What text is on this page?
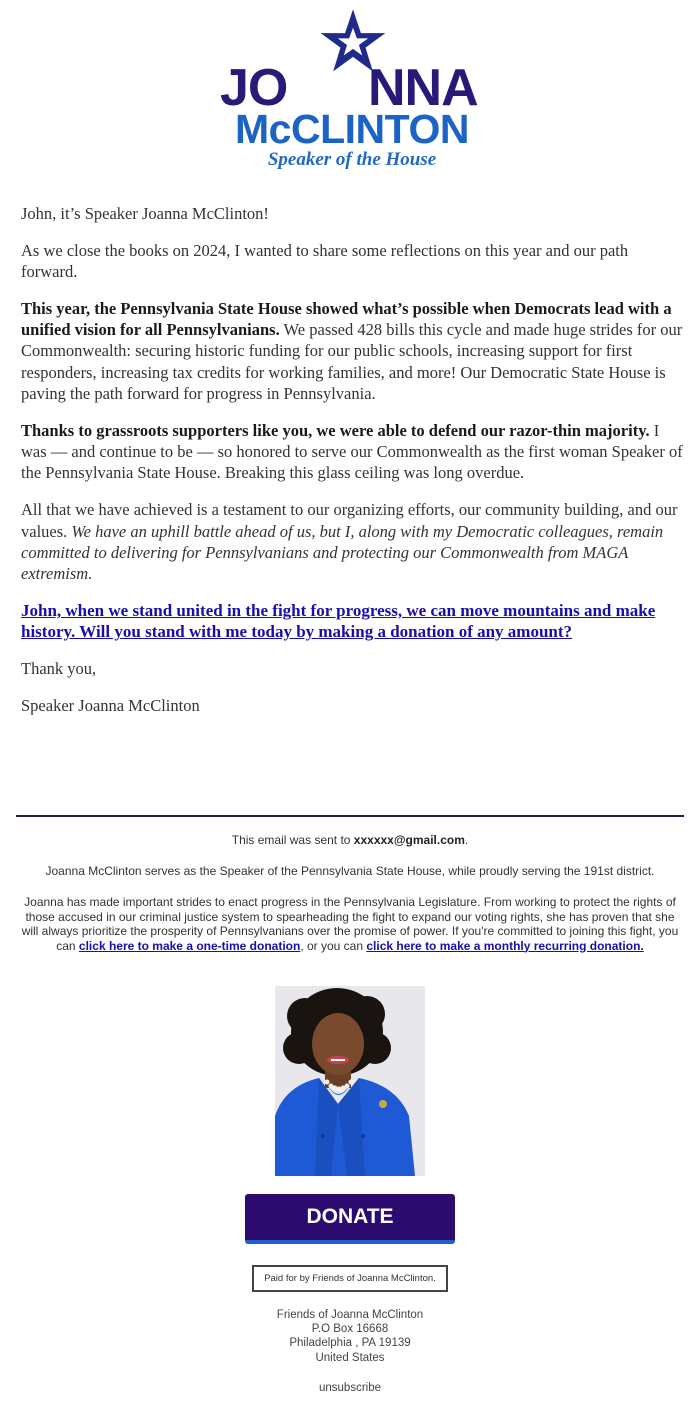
JO NNA
McCLINTON
Speaker of the House

John, it’s Speaker Joanna McClinton!

As we close the books on 2024, I wanted to share some reflections on this year and our path forward.

This year, the Pennsylvania State House showed what’s possible when Democrats lead with a unified vision for all Pennsylvanians. We passed 428 bills this cycle and made huge strides for our Commonwealth: securing historic funding for our public schools, increasing support for first responders, increasing tax credits for working families, and more! Our Democratic State House is paving the path forward for progress in Pennsylvania.

Thanks to grassroots supporters like you, we were able to defend our razor-thin majority. I was — and continue to be — so honored to serve our Commonwealth as the first woman Speaker of the Pennsylvania State House. Breaking this glass ceiling was long overdue.

All that we have achieved is a testament to our organizing efforts, our community building, and our values. We have an uphill battle ahead of us, but I, along with my Democratic colleagues, remain committed to delivering for Pennsylvanians and protecting our Commonwealth from MAGA extremism.

John, when we stand united in the fight for progress, we can move mountains and make history. Will you stand with me today by making a donation of any amount?

Thank you,

Speaker Joanna McClinton

This email was sent to xxxxxx@gmail.com.
Joanna McClinton serves as the Speaker of the Pennsylvania State House, while proudly serving the 191st district.
Joanna has made important strides to enact progress in the Pennsylvania Legislature. From working to protect the rights of those accused in our criminal justice system to spearheading the fight to expand our voting rights, she has proven that she will always prioritize the prosperity of Pennsylvanians over the promise of power. If you're committed to joining this fight, you can click here to make a one-time donation, or you can click here to make a monthly recurring donation.
DONATE
Paid for by Friends of Joanna McClinton.
Friends of Joanna McClinton
P.O Box 16668
Philadelphia , PA 19139
United States
unsubscribe
